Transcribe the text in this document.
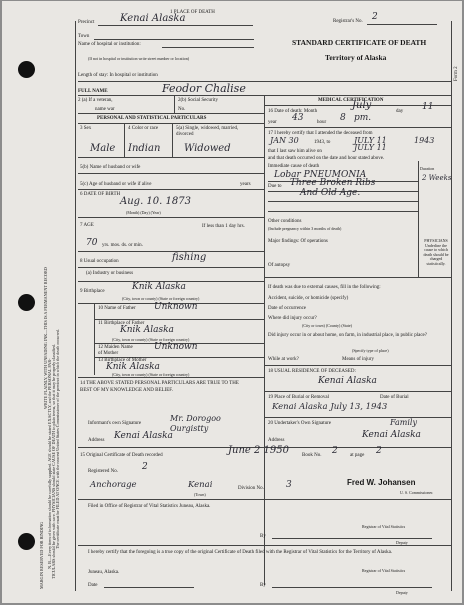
MARGIN RESERVED FOR BINDING
WRITE PLAINLY, WITH UNFADING INK—THIS IS A PERMANENT RECORD
N. B.—Every item of information should be carefully supplied. AGE should be stated EXACTLY, and the PERSONAL PAR- TICULARS should be given with care. PHYSICIANS should state CAUSE OF DEATH in plain terms, so that it may be properly classified. The certificate must be FILED AT ONCE with the nearest United States Commissioner of the precinct in which the death occurred.
Form 2
1 PLACE OF DEATH
Precinct	Kenai Alaska
Town
Name of hospital or institution:
(If not in hospital or institution write street number or location)
Length of stay: In hospital or institution
Registrar's No. 2
STANDARD CERTIFICATE OF DEATH
Territory of Alaska
FULL NAME	Feodor Chalise
2 (a) If a veteran,
name war
2(b) Social Security
No.
MEDICAL CERTIFICATION
PERSONAL AND STATISTICAL PARTICULARS
16 Date of death: Month
July
day 11
year 43	hour 8 pm.
3 Sex	4 Color or race	5(a) Single, widowed, married, divorced
Male Indian Widowed
17 I hereby certify that I attended the deceased from
JAN 30	1943, to	JULY 11	1943
that I last saw him alive on	JULY 11
and that death occurred on the date and hour stated above.
Immediate cause of death	Duration
Lobar PNEUMONIA	2 Weeks
Due to Three Broken Ribs
And Old Age.
5(b) Name of husband or wife
5(c) Age of husband or wife if alive	years
6 DATE OF BIRTH
Aug. 10. 1873
(Month) (Day) (Year)
Other conditions
(Include pregnancy within 3 months of death)
Major findings: Of operations
Of autopsy
PHYSICIANS Underline the cause to which death should be charged statistically.
7 AGE	If less than 1 day hrs.
70 yrs. mos. ds. or min.
8 Usual occupation	fishing
(a) Industry or business
If death was due to external causes, fill in the following:
Accident, suicide, or homicide (specify)
Date of occurrence
Where did injury occur?
(City or town) (County) (State)
Did injury occur in or about home, on farm, in industrial place, in public place?
(Specify type of place)
While at work?	Means of injury
9 Birthplace	Knik Alaska
(City, town or county) (State or foreign country)
10 Name of Father Unknown
11 Birthplace of Father
Knik Alaska
(City, town or county) (State or foreign country)
12 Maiden Name of Mother
Unknown
13 Birthplace of Mother
Knik Alaska
(City, town or county) (State or foreign country)
14 THE ABOVE STATED PERSONAL PARTICULARS ARE TRUE TO THE BEST OF MY KNOWLEDGE AND BELIEF.
Informant's own Signature
Mr. Dorogoo Ourgistty
Address Kenai Alaska
18 USUAL RESIDENCE OF DECEASED:
Kenai Alaska
19 Place of Burial or Removal	Date of Burial
Kenai Alaska July 13, 1943
20 Undertaker's Own Signature	Family
Address
Kenai Alaska
15 Original Certificate of Death recorded	June 2 1950	Book No. 2 at page 2
Registered No.	2
Anchorage	Kenai
(Town)
Division No. 3	Fred W. Johansen
U. S. Commissioner.
Filed in Office of Registrar of Vital Statistics Juneau, Alaska.
Registrar of Vital Statistics
By
Deputy
I hereby certify that the foregoing is a true copy of the original Certificate of Death filed with the Registrar of Vital Statistics for the Territory of Alaska.
Juneau, Alaska.	Registrar of Vital Statistics
Date	By
Deputy
